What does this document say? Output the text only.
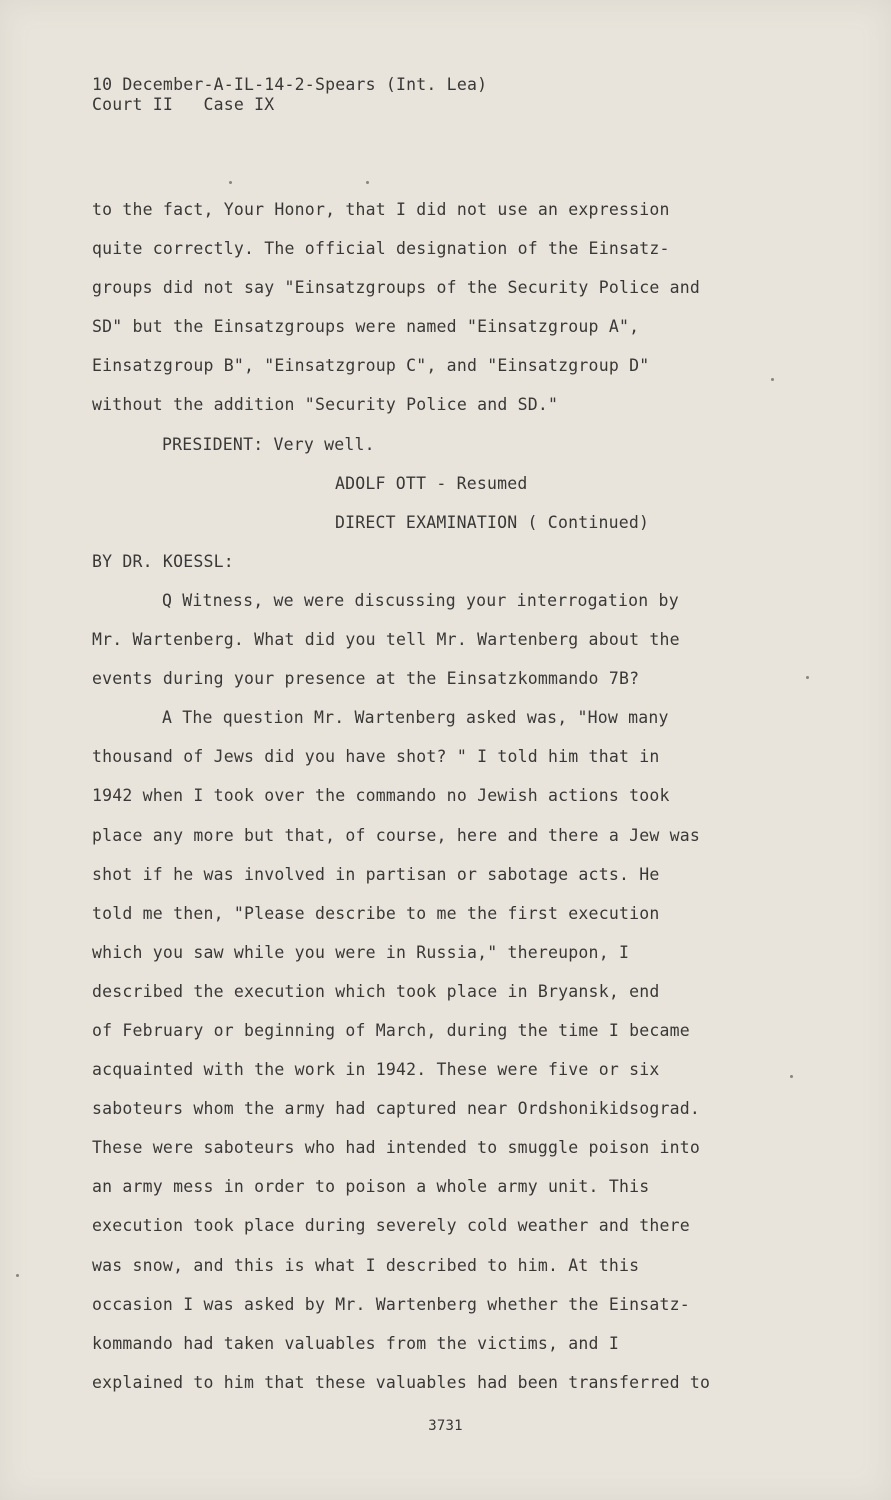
10 December-A-IL-14-2-Spears (Int. Lea)
Court II   Case IX
to the fact, Your Honor, that I did not use an expression
quite correctly. The official designation of the Einsatz-
groups did not say "Einsatzgroups of the Security Police and
SD" but the Einsatzgroups were named "Einsatzgroup A",
Einsatzgroup B", "Einsatzgroup C", and "Einsatzgroup D"
without the addition "Security Police and SD."
PRESIDENT: Very well.
ADOLF OTT - Resumed
DIRECT EXAMINATION ( Continued)
BY DR. KOESSL:
Q Witness, we were discussing your interrogation by
Mr. Wartenberg. What did you tell Mr. Wartenberg about the
events during your presence at the Einsatzkommando 7B?
A The question Mr. Wartenberg asked was, "How many
thousand of Jews did you have shot? " I told him that in
1942 when I took over the commando no Jewish actions took
place any more but that, of course, here and there a Jew was
shot if he was involved in partisan or sabotage acts. He
told me then, "Please describe to me the first execution
which you saw while you were in Russia," thereupon, I
described the execution which took place in Bryansk, end
of February or beginning of March, during the time I became
acquainted with the work in 1942. These were five or six
saboteurs whom the army had captured near Ordshonikidsograd.
These were saboteurs who had intended to smuggle poison into
an army mess in order to poison a whole army unit. This
execution took place during severely cold weather and there
was snow, and this is what I described to him. At this
occasion I was asked by Mr. Wartenberg whether the Einsatz-
kommando had taken valuables from the victims, and I
explained to him that these valuables had been transferred to
3731
